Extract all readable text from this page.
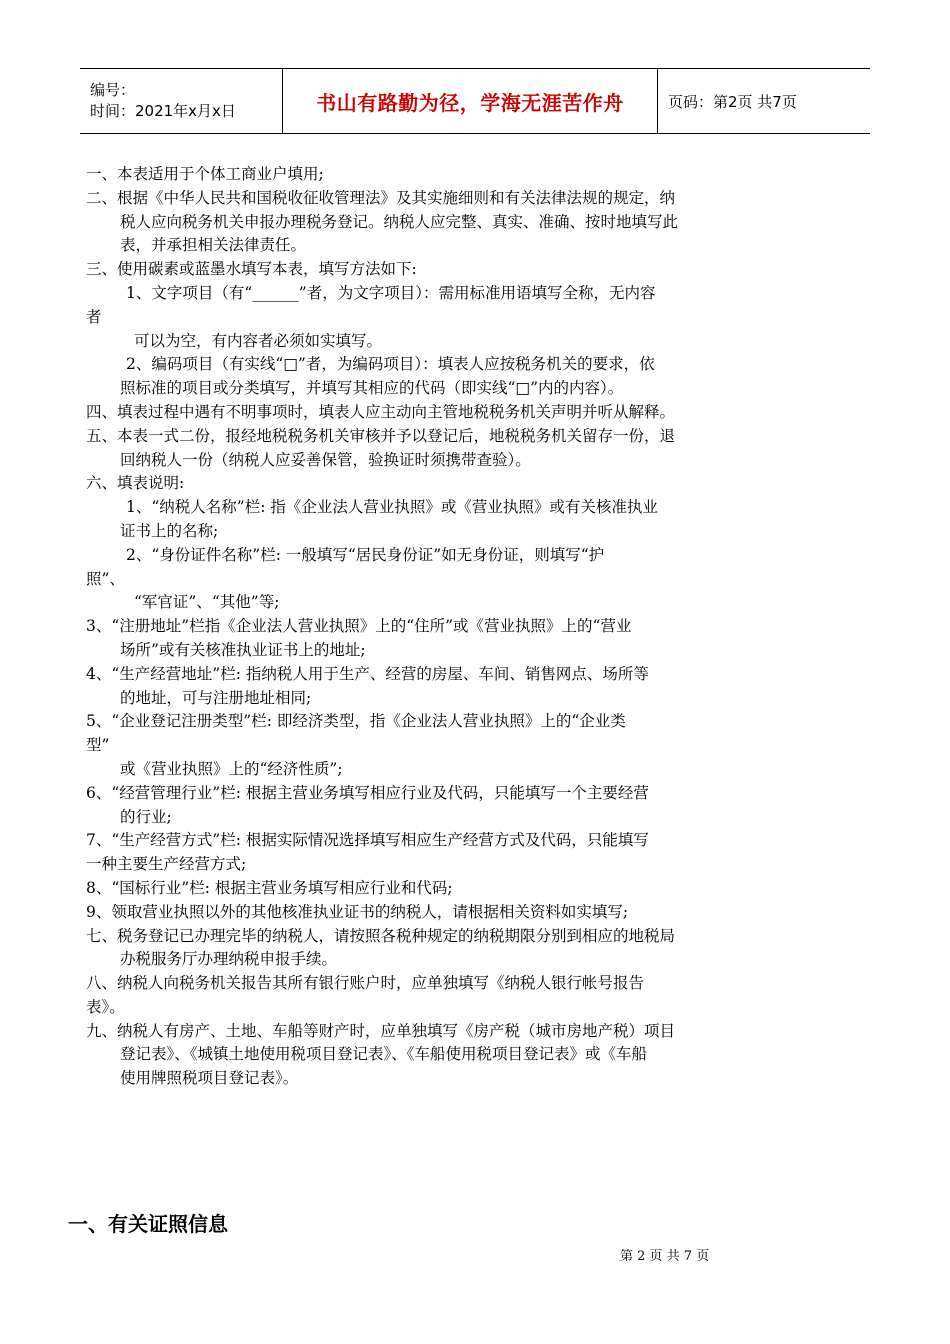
编号：
时间：2021年x月x日	书山有路勤为径，学海无涯苦作舟	页码：第2页 共7页
一、本表适用于个体工商业户填用;
二、根据《中华人民共和国税收征收管理法》及其实施细则和有关法律法规的规定，纳
税人应向税务机关申报办理税务登记。纳税人应完整、真实、准确、按时地填写此
表，并承担相关法律责任。
三、使用碳素或蓝墨水填写本表，填写方法如下:
1、文字项目（有“______”者，为文字项目）：需用标准用语填写全称，无内容
者
可以为空，有内容者必须如实填写。
2、编码项目（有实线“□”者，为编码项目）：填表人应按税务机关的要求，依
照标准的项目或分类填写，并填写其相应的代码（即实线“□”内的内容）。
四、填表过程中遇有不明事项时，填表人应主动向主管地税税务机关声明并听从解释。
五、本表一式二份，报经地税税务机关审核并予以登记后，地税税务机关留存一份，退
回纳税人一份（纳税人应妥善保管，验换证时须携带查验）。
六、填表说明:
1、“纳税人名称”栏: 指《企业法人营业执照》或《营业执照》或有关核准执业
证书上的名称;
2、“身份证件名称”栏: 一般填写“居民身份证”如无身份证，则填写“护
照”、
“军官证”、“其他”等;
3、“注册地址”栏指《企业法人营业执照》上的“住所”或《营业执照》上的“营业
场所”或有关核准执业证书上的地址;
4、“生产经营地址”栏: 指纳税人用于生产、经营的房屋、车间、销售网点、场所等
的地址，可与注册地址相同;
5、“企业登记注册类型”栏: 即经济类型，指《企业法人营业执照》上的“企业类
型”
或《营业执照》上的“经济性质”;
6、“经营管理行业”栏: 根据主营业务填写相应行业及代码，只能填写一个主要经营
的行业;
7、“生产经营方式”栏: 根据实际情况选择填写相应生产经营方式及代码，只能填写
一种主要生产经营方式;
8、“国标行业”栏: 根据主营业务填写相应行业和代码;
9、领取营业执照以外的其他核准执业证书的纳税人，请根据相关资料如实填写;
七、税务登记已办理完毕的纳税人，请按照各税种规定的纳税期限分别到相应的地税局
办税服务厅办理纳税申报手续。
八、纳税人向税务机关报告其所有银行账户时，应单独填写《纳税人银行帐号报告
表》。
九、纳税人有房产、土地、车船等财产时，应单独填写《房产税（城市房地产税）项目
登记表》、《城镇土地使用税项目登记表》、《车船使用税项目登记表》或《车船
使用牌照税项目登记表》。
一、有关证照信息
第 2 页 共 7 页
